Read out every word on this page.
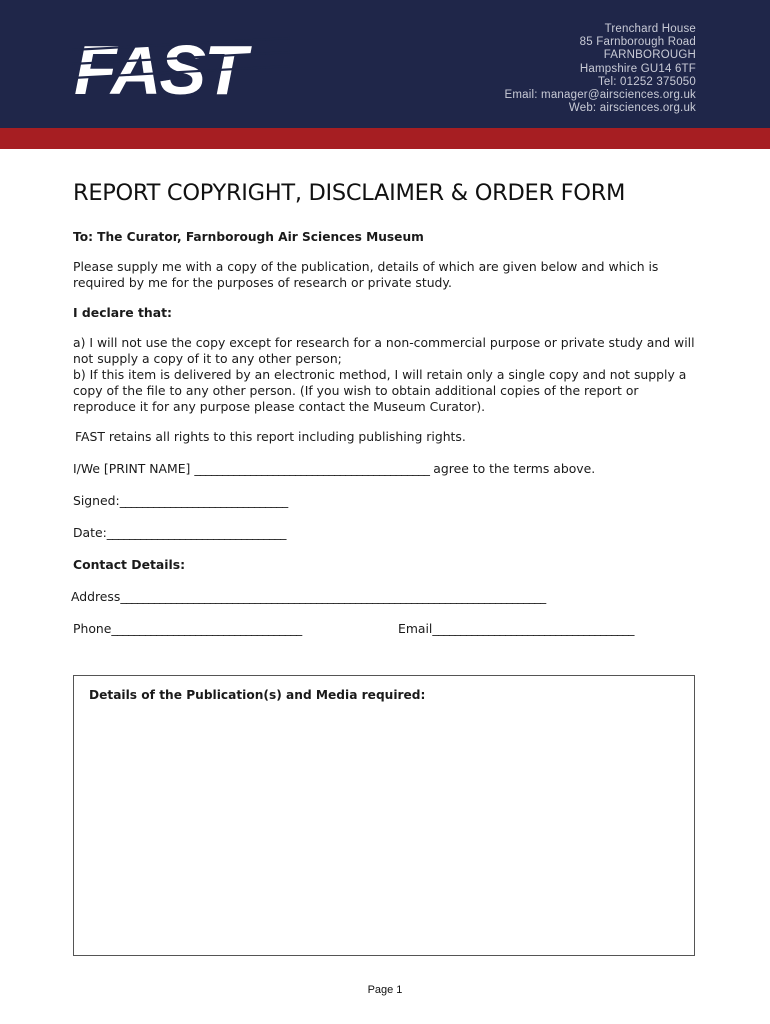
FAST
Trenchard House
85 Farnborough Road
FARNBOROUGH
Hampshire GU14 6TF
Tel: 01252 375050
Email: manager@airsciences.org.uk
Web: airsciences.org.uk
REPORT COPYRIGHT, DISCLAIMER & ORDER FORM

To: The Curator, Farnborough Air Sciences Museum

Please supply me with a copy of the publication, details of which are given below and which is required by me for the purposes of research or private study.

I declare that:

a) I will not use the copy except for research for a non-commercial purpose or private study and will not supply a copy of it to any other person;

b) If this item is delivered by an electronic method, I will retain only a single copy and not supply a copy of the file to any other person. (If you wish to obtain additional copies of the report or reproduce it for any purpose please contact the Museum Curator).

FAST retains all rights to this report including publishing rights.

I/We [PRINT NAME] __________________________________________ agree to the terms above.
Signed:______________________________
Date:________________________________

Contact Details:

Address____________________________________________________________________________
Phone__________________________________	Email____________________________________
Details of the Publication(s) and Media required:
Page 1
